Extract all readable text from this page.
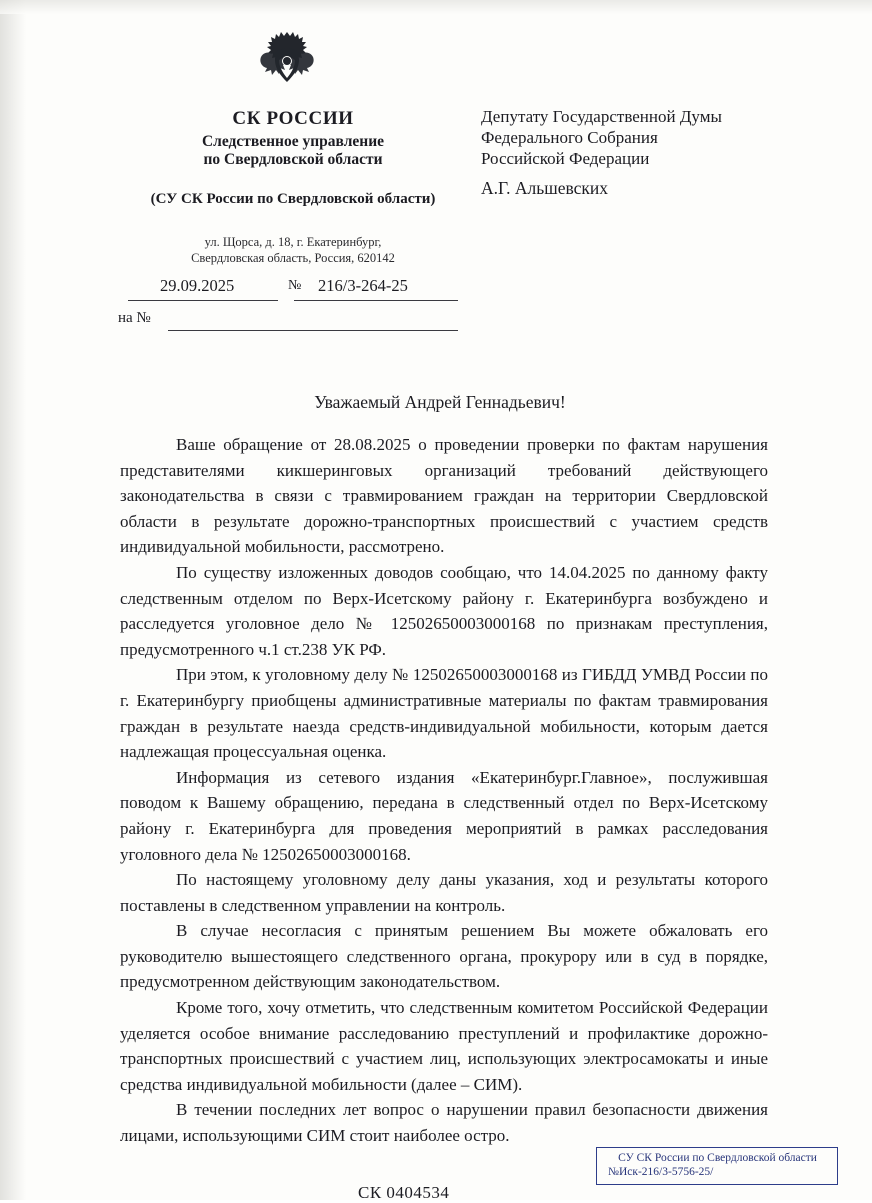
СК РОССИИ
Следственное управление
по Свердловской области
(СУ СК России по Свердловской области)
ул. Щорса, д. 18, г. Екатеринбург,
Свердловская область, Россия, 620142
29.09.2025	№ 216/3-264-25
на №
Депутату Государственной Думы
Федерального Собрания
Российской Федерации
А.Г. Альшевских
Уважаемый Андрей Геннадьевич!

Ваше обращение от 28.08.2025 о проведении проверки по фактам нарушения представителями кикшеринговых организаций требований действующего законодательства в связи с травмированием граждан на территории Свердловской области в результате дорожно-транспортных происшествий с участием средств индивидуальной мобильности, рассмотрено.

По существу изложенных доводов сообщаю, что 14.04.2025 по данному факту следственным отделом по Верх-Исетскому району г. Екатеринбурга возбуждено и расследуется уголовное дело № 12502650003000168 по признакам преступления, предусмотренного ч.1 ст.238 УК РФ.

При этом, к уголовному делу № 12502650003000168 из ГИБДД УМВД России по г. Екатеринбургу приобщены административные материалы по фактам травмирования граждан в результате наезда средств-индивидуальной мобильности, которым дается надлежащая процессуальная оценка.

Информация из сетевого издания «Екатеринбург.Главное», послужившая поводом к Вашему обращению, передана в следственный отдел по Верх-Исетскому району г. Екатеринбурга для проведения мероприятий в рамках расследования уголовного дела № 12502650003000168.

По настоящему уголовному делу даны указания, ход и результаты которого поставлены в следственном управлении на контроль.

В случае несогласия с принятым решением Вы можете обжаловать его руководителю вышестоящего следственного органа, прокурору или в суд в порядке, предусмотренном действующим законодательством.

Кроме того, хочу отметить, что следственным комитетом Российской Федерации уделяется особое внимание расследованию преступлений и профилактике дорожно-транспортных происшествий с участием лиц, использующих электросамокаты и иные средства индивидуальной мобильности (далее – СИМ).

В течении последних лет вопрос о нарушении правил безопасности движения лицами, использующими СИМ стоит наиболее остро.

СК 0404534
СУ СК России по Свердловской области
№Иск-216/3-5756-25/
